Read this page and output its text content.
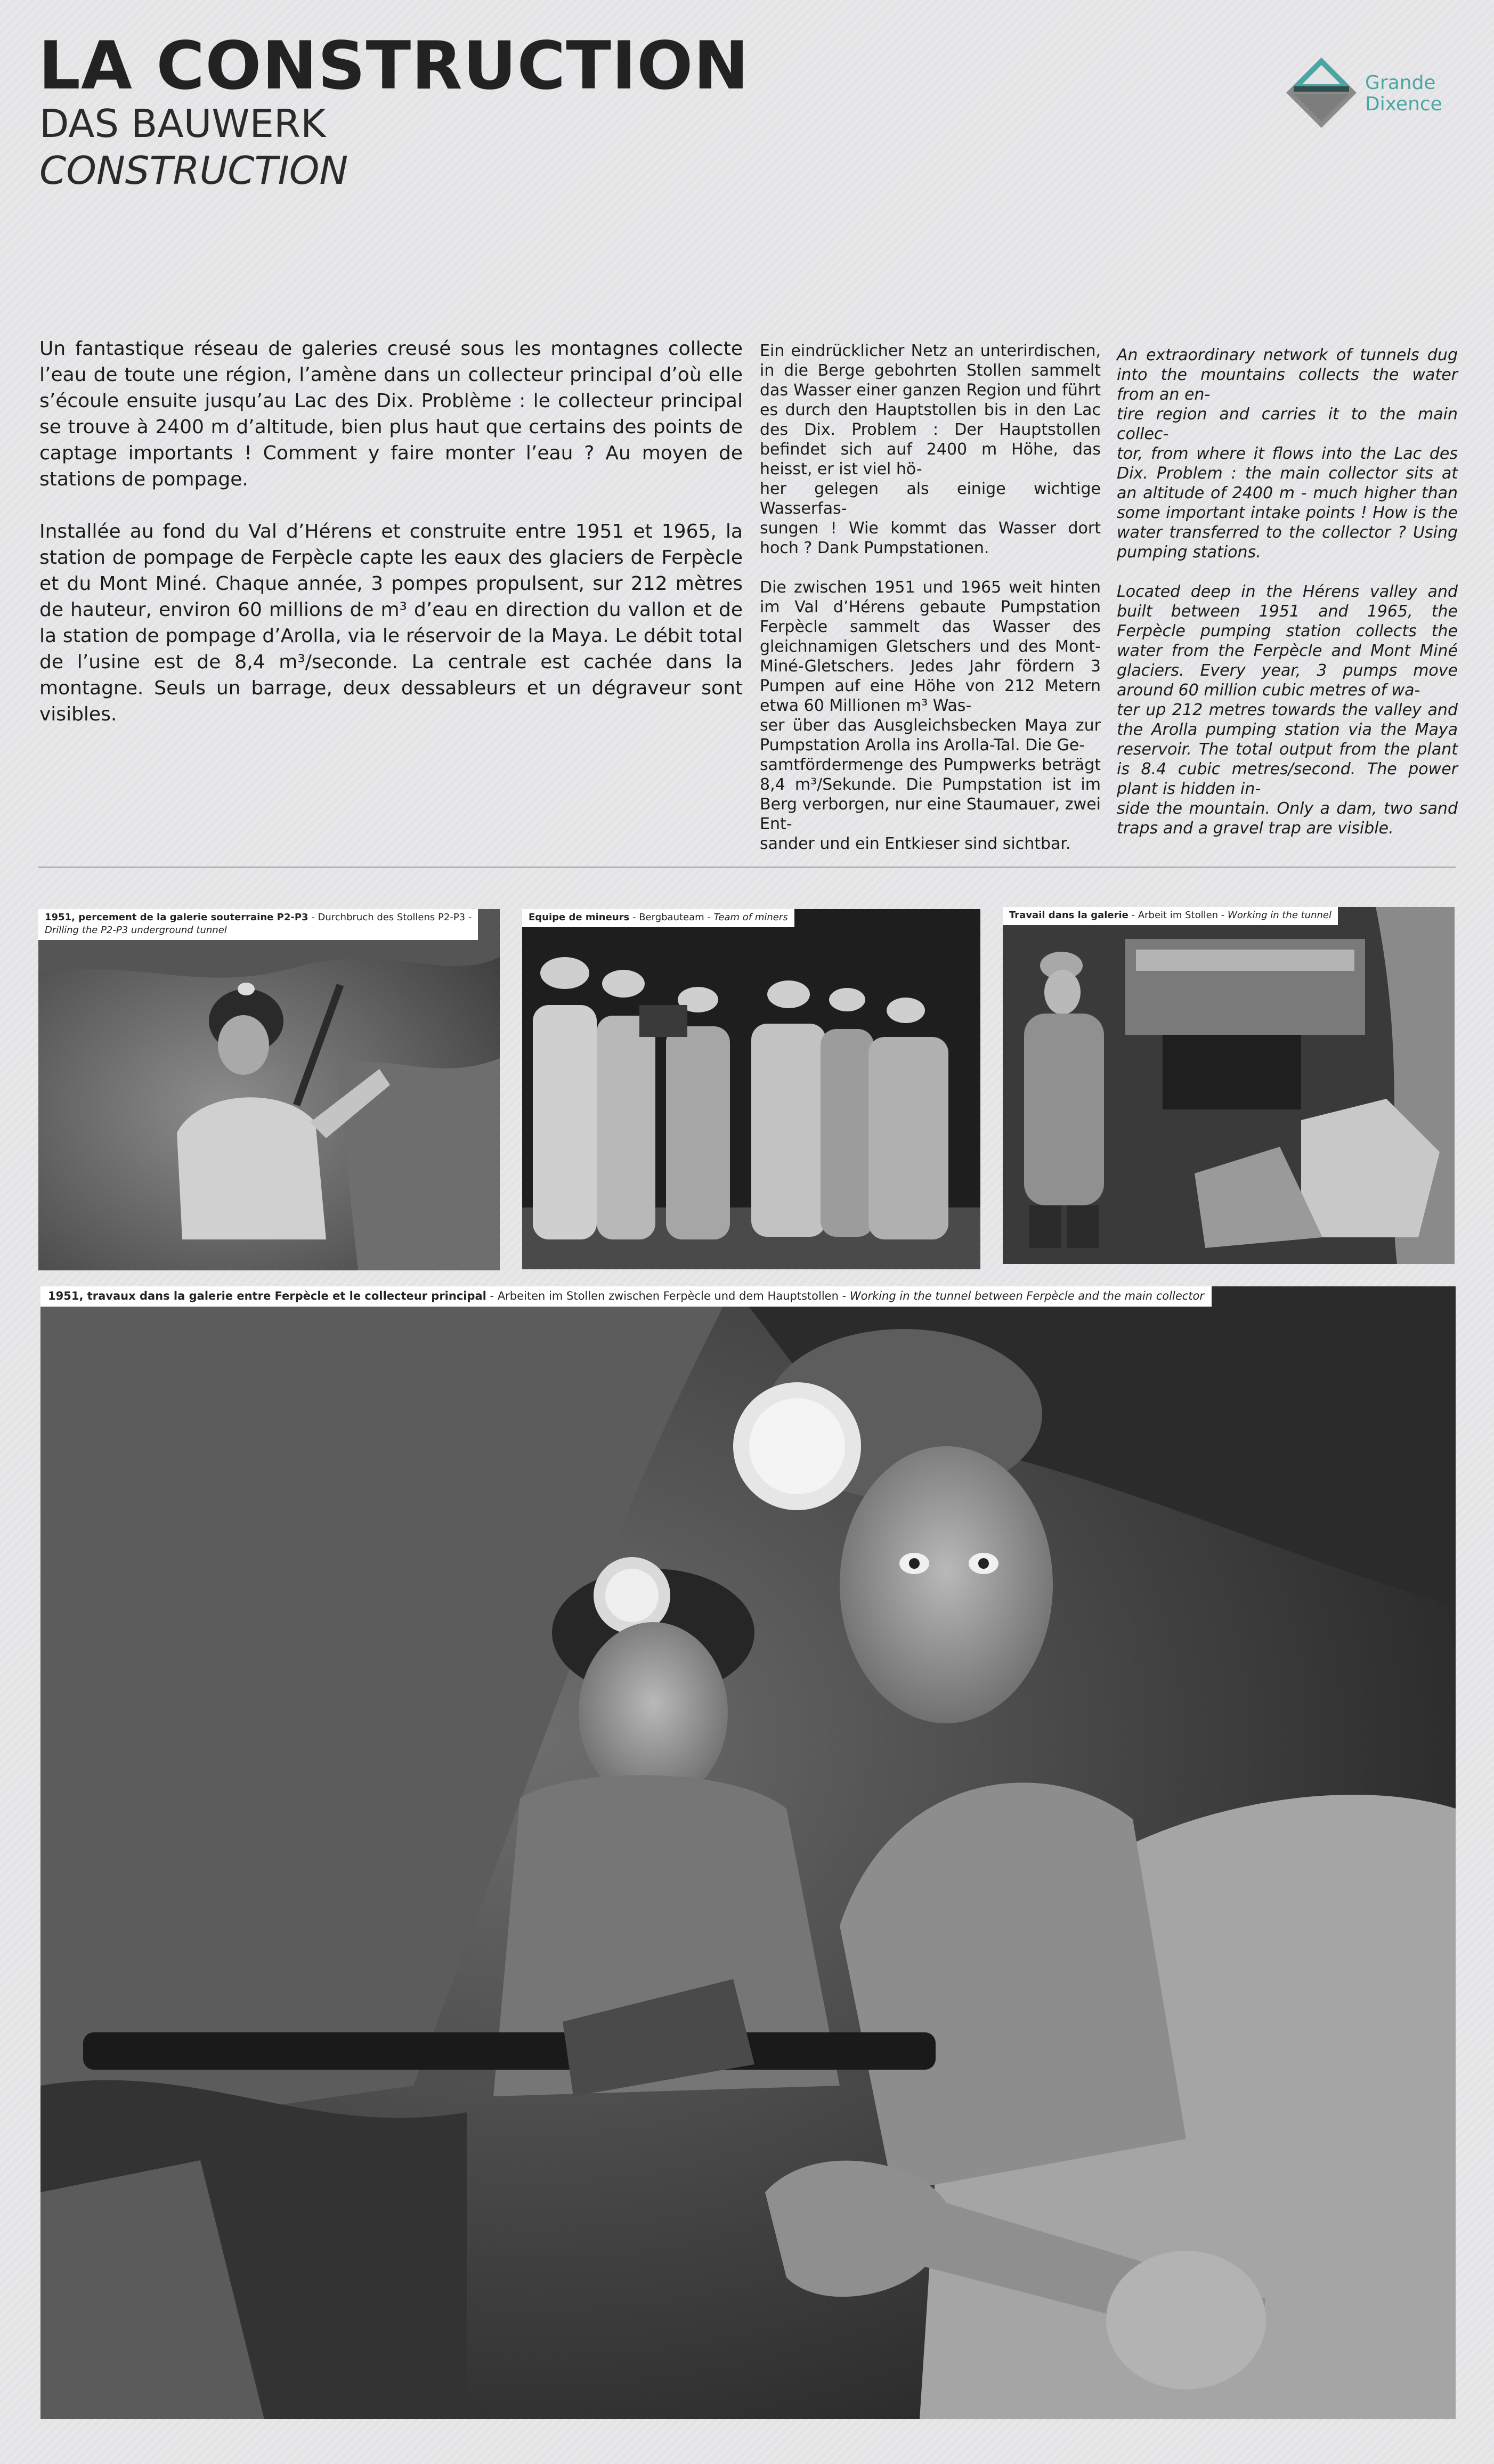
LA CONSTRUCTION
DAS BAUWERK
CONSTRUCTION
Grande
Dixence

Un fantastique réseau de galeries creusé sous les montagnes collecte l’eau de toute une région, l’amène dans un collecteur principal d’où elle s’écoule ensuite jusqu’au Lac des Dix. Problème : le collecteur principal se trouve à 2400 m d’altitude, bien plus haut que certains des points de captage importants ! Comment y faire monter l’eau ? Au moyen de stations de pompage.

Installée au fond du Val d’Hérens et construite entre 1951 et 1965, la station de pompage de Ferpècle capte les eaux des glaciers de Ferpècle et du Mont Miné. Chaque année, 3 pompes propulsent, sur 212 mètres de hauteur, environ 60 millions de m³ d’eau en direction du vallon et de la station de pompage d’Arolla, via le réservoir de la Maya. Le débit total de l’usine est de 8,4 m³/seconde. La centrale est cachée dans la montagne. Seuls un barrage, deux dessableurs et un dégraveur sont visibles.

Ein eindrücklicher Netz an unterirdischen, in die Berge gebohrten Stollen sammelt das Wasser einer ganzen Region und führt es durch den Hauptstollen bis in den Lac des Dix. Problem : Der Hauptstollen befindet sich auf 2400 m Höhe, das heisst, er ist viel hö-
her gelegen als einige wichtige Wasserfas-
sungen ! Wie kommt das Wasser dort hoch ? Dank Pumpstationen.

Die zwischen 1951 und 1965 weit hinten im Val d’Hérens gebaute Pumpstation Ferpècle sammelt das Wasser des gleichnamigen Gletschers und des Mont-Miné-Gletschers. Jedes Jahr fördern 3 Pumpen auf eine Höhe von 212 Metern etwa 60 Millionen m³ Was-
ser über das Ausgleichsbecken Maya zur Pumpstation Arolla ins Arolla-Tal. Die Ge-
samtfördermenge des Pumpwerks beträgt 8,4 m³/Sekunde. Die Pumpstation ist im Berg verborgen, nur eine Staumauer, zwei Ent-
sander und ein Entkieser sind sichtbar.

An extraordinary network of tunnels dug into the mountains collects the water from an en-
tire region and carries it to the main collec-
tor, from where it flows into the Lac des Dix. Problem : the main collector sits at an altitude of 2400 m - much higher than some important intake points ! How is the water transferred to the collector ? Using pumping stations.

Located deep in the Hérens valley and built between 1951 and 1965, the Ferpècle pumping station collects the water from the Ferpècle and Mont Miné glaciers. Every year, 3 pumps move around 60 million cubic metres of wa-
ter up 212 metres towards the valley and the Arolla pumping station via the Maya reservoir. The total output from the plant is 8.4 cubic metres/second. The power plant is hidden in-
side the mountain. Only a dam, two sand traps and a gravel trap are visible.

1951, percement de la galerie souterraine P2-P3 - Durchbruch des Stollens P2-P3 -
Drilling the P2-P3 underground tunnel
Equipe de mineurs - Bergbauteam - Team of miners	Travail dans la galerie - Arbeit im Stollen - Working in the tunnel
1951, travaux dans la galerie entre Ferpècle et le collecteur principal - Arbeiten im Stollen zwischen Ferpècle und dem Hauptstollen - Working in the tunnel between Ferpècle and the main collector
